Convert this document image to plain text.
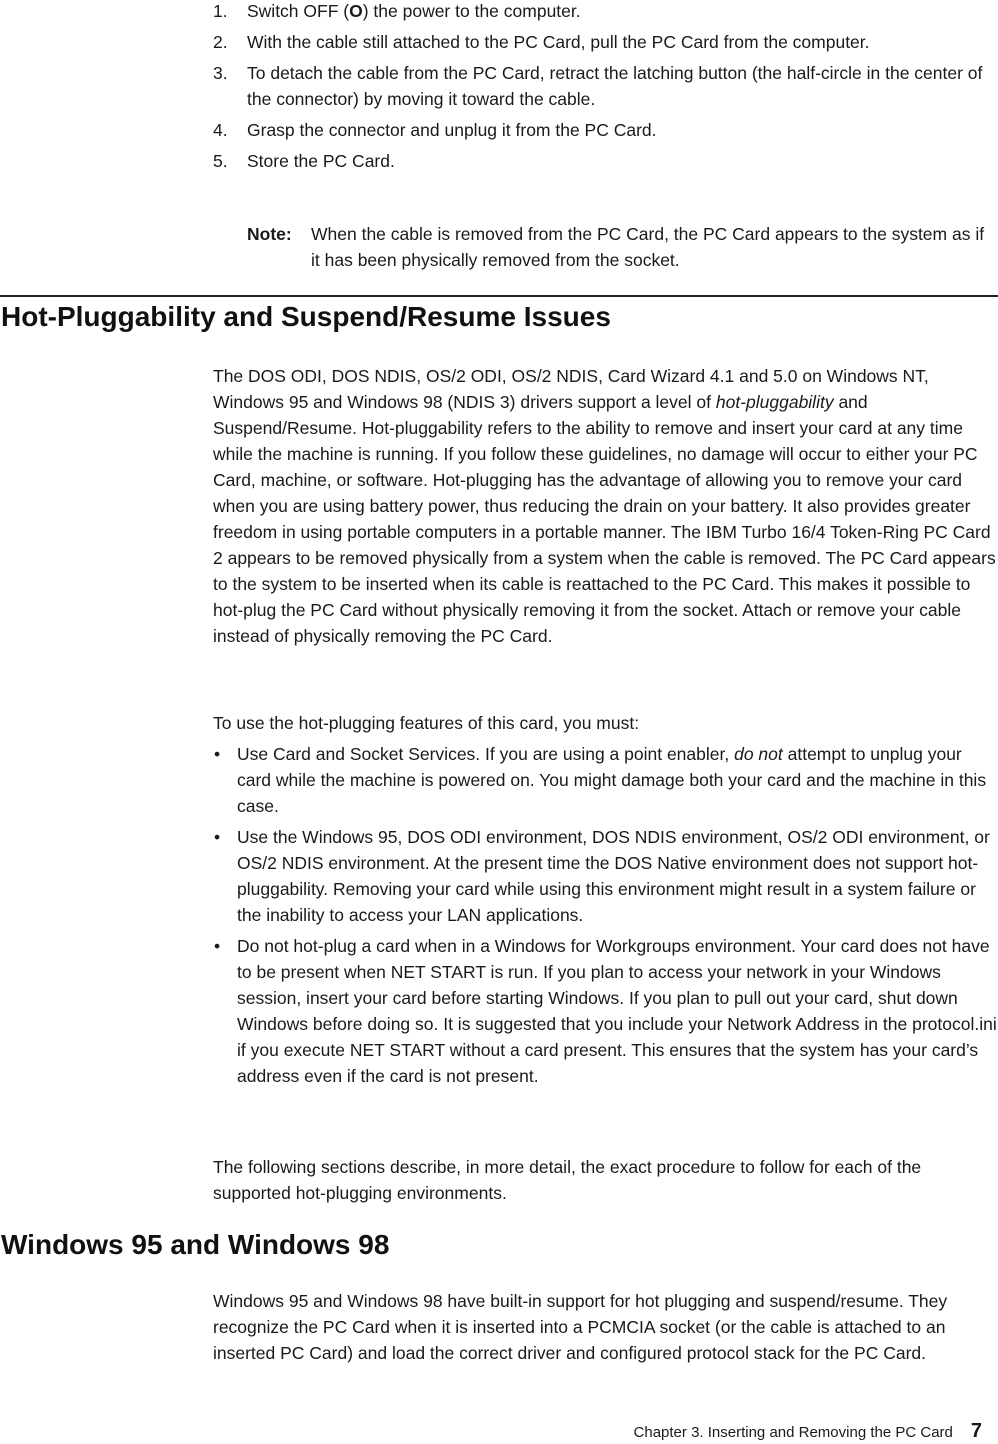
1. Switch OFF (O) the power to the computer.
2. With the cable still attached to the PC Card, pull the PC Card from the computer.
3. To detach the cable from the PC Card, retract the latching button (the half-circle in the center of the connector) by moving it toward the cable.
4. Grasp the connector and unplug it from the PC Card.
5. Store the PC Card.
Note: When the cable is removed from the PC Card, the PC Card appears to the system as if it has been physically removed from the socket.
Hot-Pluggability and Suspend/Resume Issues

The DOS ODI, DOS NDIS, OS/2 ODI, OS/2 NDIS, Card Wizard 4.1 and 5.0 on Windows NT, Windows 95 and Windows 98 (NDIS 3) drivers support a level of hot-pluggability and Suspend/Resume. Hot-pluggability refers to the ability to remove and insert your card at any time while the machine is running. If you follow these guidelines, no damage will occur to either your PC Card, machine, or software. Hot-plugging has the advantage of allowing you to remove your card when you are using battery power, thus reducing the drain on your battery. It also provides greater freedom in using portable computers in a portable manner. The IBM Turbo 16/4 Token-Ring PC Card 2 appears to be removed physically from a system when the cable is removed. The PC Card appears to the system to be inserted when its cable is reattached to the PC Card. This makes it possible to hot-plug the PC Card without physically removing it from the socket. Attach or remove your cable instead of physically removing the PC Card.

To use the hot-plugging features of this card, you must:

• Use Card and Socket Services. If you are using a point enabler, do not attempt to unplug your card while the machine is powered on. You might damage both your card and the machine in this case.
• Use the Windows 95, DOS ODI environment, DOS NDIS environment, OS/2 ODI environment, or OS/2 NDIS environment. At the present time the DOS Native environment does not support hot-pluggability. Removing your card while using this environment might result in a system failure or the inability to access your LAN applications.
• Do not hot-plug a card when in a Windows for Workgroups environment. Your card does not have to be present when NET START is run. If you plan to access your network in your Windows session, insert your card before starting Windows. If you plan to pull out your card, shut down Windows before doing so. It is suggested that you include your Network Address in the protocol.ini if you execute NET START without a card present. This ensures that the system has your card’s address even if the card is not present.

The following sections describe, in more detail, the exact procedure to follow for each of the supported hot-plugging environments.

Windows 95 and Windows 98

Windows 95 and Windows 98 have built-in support for hot plugging and suspend/resume. They recognize the PC Card when it is inserted into a PCMCIA socket (or the cable is attached to an inserted PC Card) and load the correct driver and configured protocol stack for the PC Card.

Chapter 3. Inserting and Removing the PC Card 7
